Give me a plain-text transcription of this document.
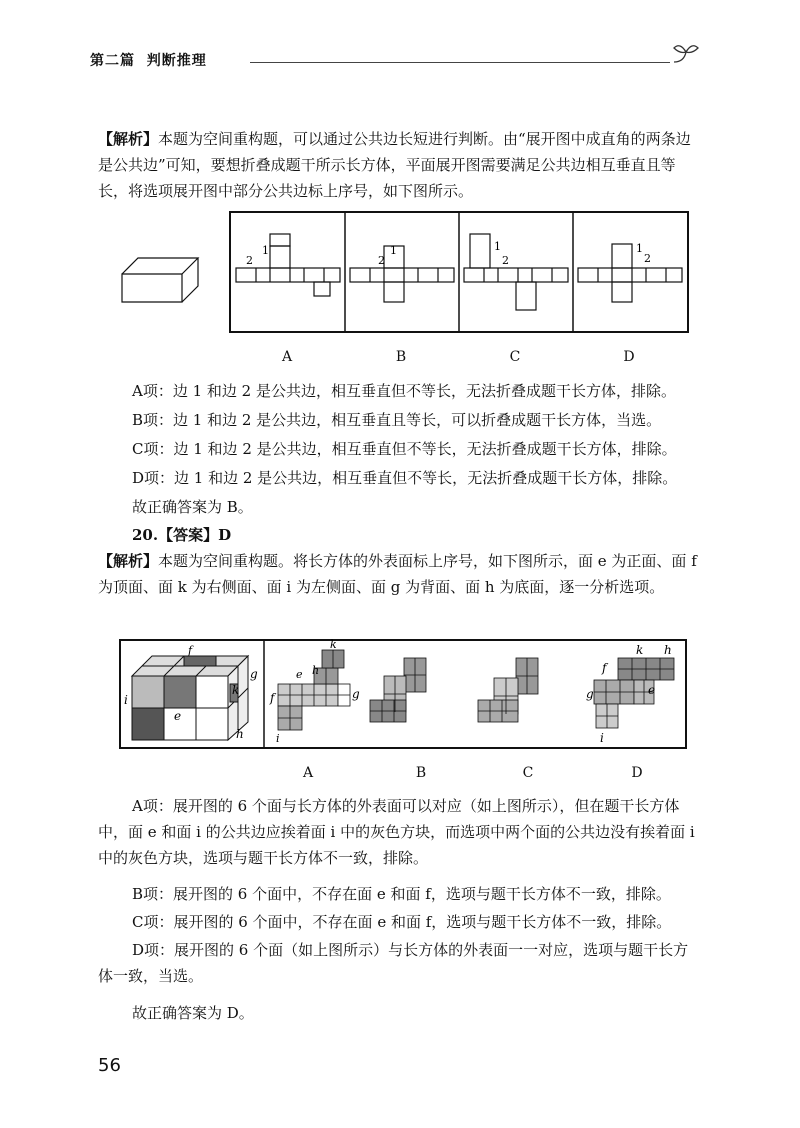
第二篇 判断推理
【解析】本题为空间重构题，可以通过公共边长短进行判断。由“展开图中成直角的两条边是公共边”可知，要想折叠成题干所示长方体，平面展开图需要满足公共边相互垂直且等长，将选项展开图中部分公共边标上序号，如下图所示。
2
1
2
1	1
2
1
2
A	B	C	D
A项：边 1 和边 2 是公共边，相互垂直但不等长，无法折叠成题干长方体，排除。
B项：边 1 和边 2 是公共边，相互垂直且等长，可以折叠成题干长方体，当选。
C项：边 1 和边 2 是公共边，相互垂直但不等长，无法折叠成题干长方体，排除。
D项：边 1 和边 2 是公共边，相互垂直但不等长，无法折叠成题干长方体，排除。
故正确答案为 B。
20.【答案】D
【解析】本题为空间重构题。将长方体的外表面标上序号，如下图所示，面 e 为正面、面 f 为顶面、面 k 为右侧面、面 i 为左侧面、面 g 为背面、面 h 为底面，逐一分析选项。
i
e
g
k
h
f
f	g
e h
k
i
f
g	e
k h
i
A	B	C	D
A项：展开图的 6 个面与长方体的外表面可以对应（如上图所示），但在题干长方体中，面 e 和面 i 的公共边应挨着面 i 中的灰色方块，而选项中两个面的公共边没有挨着面 i 中的灰色方块，选项与题干长方体不一致，排除。
B项：展开图的 6 个面中，不存在面 e 和面 f，选项与题干长方体不一致，排除。
C项：展开图的 6 个面中，不存在面 e 和面 f，选项与题干长方体不一致，排除。
D项：展开图的 6 个面（如上图所示）与长方体的外表面一一对应，选项与题干长方体一致，当选。
故正确答案为 D。
56
